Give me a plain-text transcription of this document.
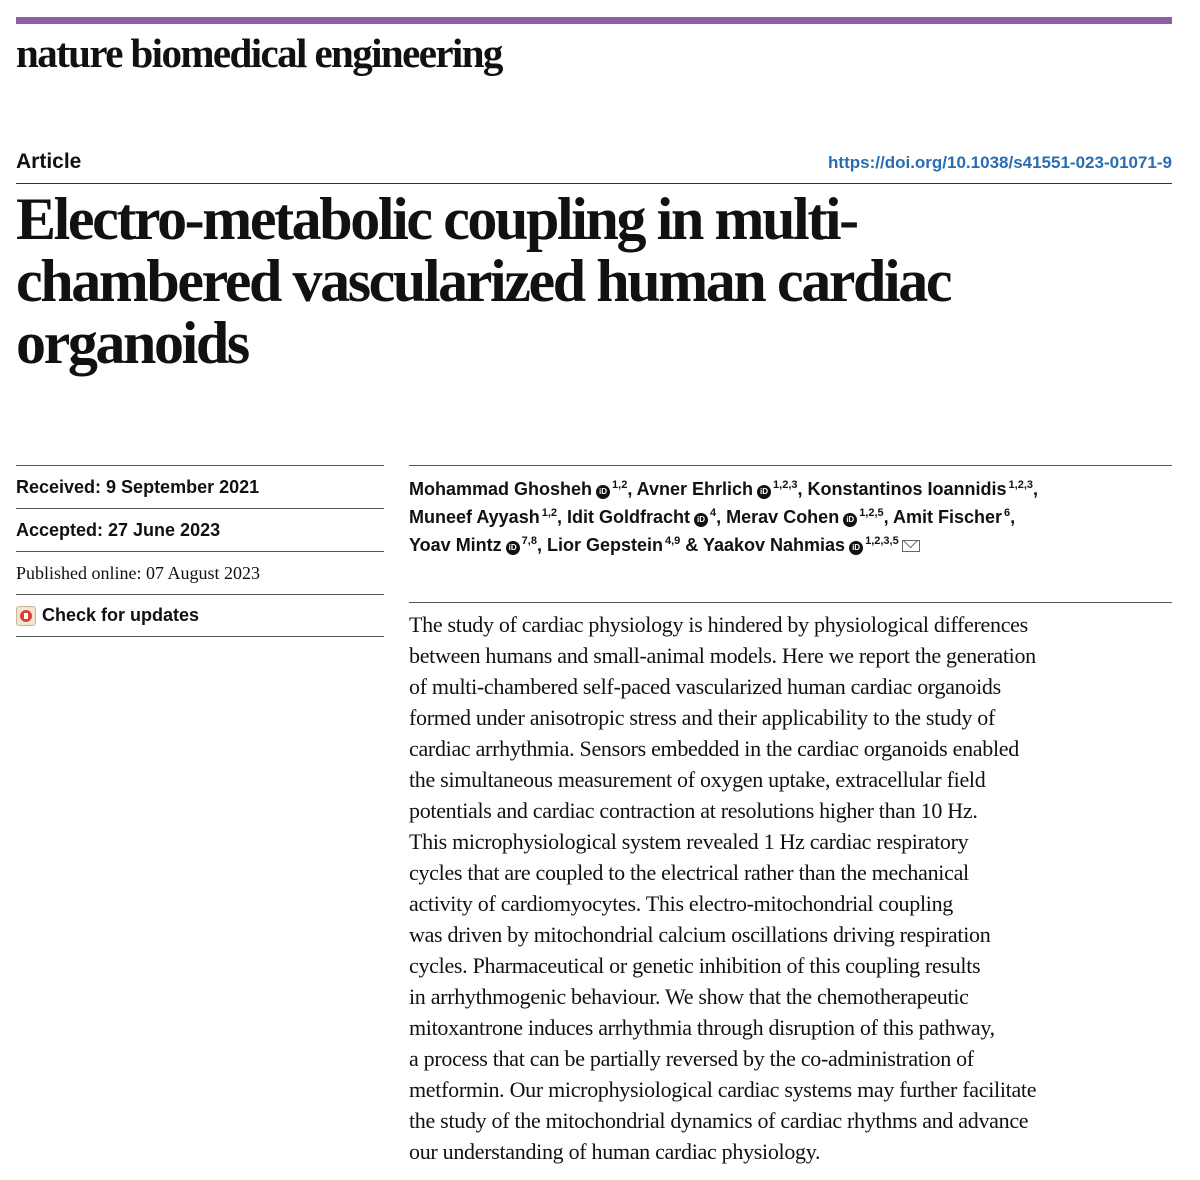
nature biomedical engineering
Article	https://doi.org/10.1038/s41551-023-01071-9
Electro-metabolic coupling in multi-chambered vascularized human cardiac organoids
Received: 9 September 2021
Accepted: 27 June 2023
Published online: 07 August 2023
Check for updates

Mohammad Ghosheh iD$^{1,2}$, Avner Ehrlich iD$^{1,2,3}$, Konstantinos Ioannidis $^{1,2,3}$,
Muneef Ayyash $^{1,2}$, Idit Goldfracht $iD^4$, Merav Cohen iD$^{1,2,5}$, Amit Fischer $^6$,
Yoav Mintz iD$^{7,8}$, Lior Gepstein $^{4,9}$ & Yaakov Nahmias iD$^{1,2,3,5}$

The study of cardiac physiology is hindered by physiological differences
between humans and small-animal models. Here we report the generation
of multi-chambered self-paced vascularized human cardiac organoids
formed under anisotropic stress and their applicability to the study of
cardiac arrhythmia. Sensors embedded in the cardiac organoids enabled
the simultaneous measurement of oxygen uptake, extracellular field
potentials and cardiac contraction at resolutions higher than 10 Hz.
This microphysiological system revealed 1 Hz cardiac respiratory
cycles that are coupled to the electrical rather than the mechanical
activity of cardiomyocytes. This electro-mitochondrial coupling
was driven by mitochondrial calcium oscillations driving respiration
cycles. Pharmaceutical or genetic inhibition of this coupling results
in arrhythmogenic behaviour. We show that the chemotherapeutic
mitoxantrone induces arrhythmia through disruption of this pathway,
a process that can be partially reversed by the co-administration of
metformin. Our microphysiological cardiac systems may further facilitate
the study of the mitochondrial dynamics of cardiac rhythms and advance
our understanding of human cardiac physiology.
